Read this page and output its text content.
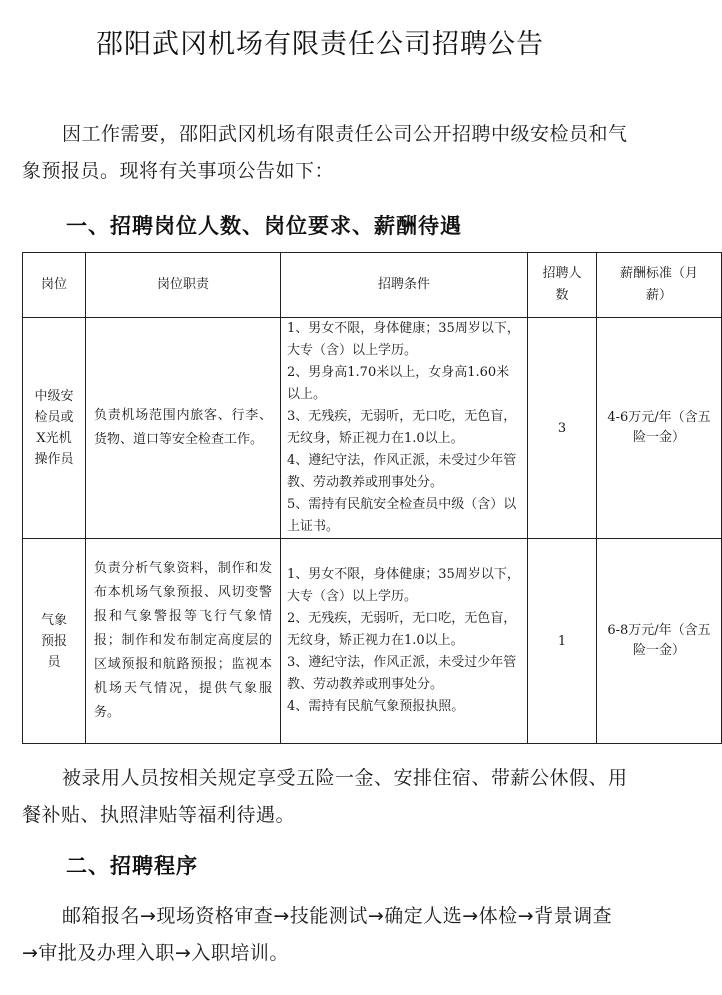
邵阳武冈机场有限责任公司招聘公告
因工作需要，邵阳武冈机场有限责任公司公开招聘中级安检员和气象预报员。现将有关事项公告如下：
一、招聘岗位人数、岗位要求、薪酬待遇
岗位	岗位职责	招聘条件	招聘人数	薪酬标准（月薪）
中级安检员或X光机操作员	负责机场范围内旅客、行李、货物、道口等安全检查工作。	1、男女不限，身体健康；35周岁以下，大专（含）以上学历。
2、男身高1.70米以上，女身高1.60米以上。
3、无残疾，无弱听，无口吃，无色盲，无纹身，矫正视力在1.0以上。
4、遵纪守法，作风正派，未受过少年管教、劳动教养或刑事处分。
5、需持有民航安全检查员中级（含）以上证书。	3	4-6万元/年（含五险一金）
气象预报员	负责分析气象资料，制作和发布本机场气象预报、风切变警报和气象警报等飞行气象情报；制作和发布制定高度层的区域预报和航路预报；监视本机场天气情况，提供气象服务。	1、男女不限，身体健康；35周岁以下，大专（含）以上学历。
2、无残疾，无弱听，无口吃，无色盲，无纹身，矫正视力在1.0以上。
3、遵纪守法，作风正派，未受过少年管教、劳动教养或刑事处分。
4、需持有民航气象预报执照。	1	6-8万元/年（含五险一金）
被录用人员按相关规定享受五险一金、安排住宿、带薪公休假、用餐补贴、执照津贴等福利待遇。
二、招聘程序
邮箱报名→现场资格审查→技能测试→确定人选→体检→背景调查→审批及办理入职→入职培训。
